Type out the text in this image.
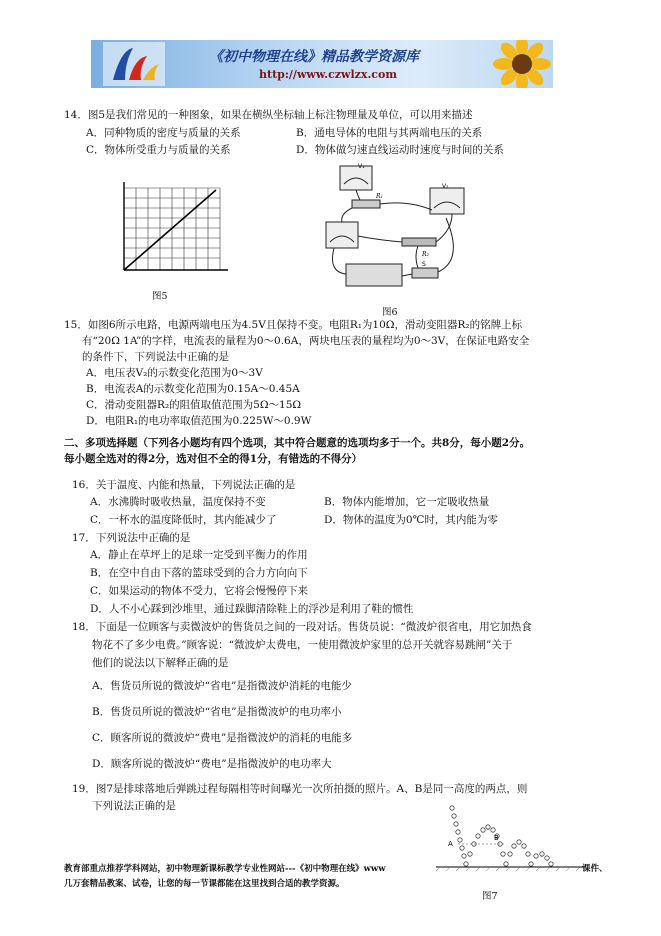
《初中物理在线》精品教学资源库
http://www.czwlzx.com
14．图5是我们常见的一种图象，如果在横纵坐标轴上标注物理量及单位，可以用来描述
A．同种物质的密度与质量的关系	B．通电导体的电阻与其两端电压的关系
C．物体所受重力与质量的关系	D．物体做匀速直线运动时速度与时间的关系
图5
V₁
V₂
R₁
R₂
S
图6
15．如图6所示电路，电源两端电压为4.5V且保持不变。电阻R₁为10Ω，滑动变阻器R₂的铭牌上标
有“20Ω 1A”的字样，电流表的量程为0～0.6A，两块电压表的量程均为0～3V，在保证电路安全
的条件下，下列说法中正确的是
A．电压表V₂的示数变化范围为0～3V
B．电流表A的示数变化范围为0.15A～0.45A
C．滑动变阻器R₂的阻值取值范围为5Ω～15Ω
D．电阻R₁的电功率取值范围为0.225W～0.9W
二、多项选择题（下列各小题均有四个选项，其中符合题意的选项均多于一个。共8分，每小题2分。
每小题全选对的得2分，选对但不全的得1分，有错选的不得分）
16．关于温度、内能和热量，下列说法正确的是
A．水沸腾时吸收热量，温度保持不变	B．物体内能增加，它一定吸收热量
C．一杯水的温度降低时，其内能减少了	D．物体的温度为0℃时，其内能为零
17．下列说法中正确的是
A．静止在草坪上的足球一定受到平衡力的作用
B．在空中自由下落的篮球受到的合力方向向下
C．如果运动的物体不受力，它将会慢慢停下来
D．人不小心踩到沙堆里，通过跺脚清除鞋上的浮沙是利用了鞋的惯性
18．下面是一位顾客与卖微波炉的售货员之间的一段对话。售货员说：“微波炉很省电，用它加热食
物花不了多少电费。”顾客说：“微波炉太费电，一使用微波炉家里的总开关就容易跳闸”关于
他们的说法以下解释正确的是
A．售货员所说的微波炉“省电”是指微波炉消耗的电能少
B．售货员所说的微波炉“省电”是指微波炉的电功率小
C．顾客所说的微波炉“费电”是指微波炉的消耗的电能多
D．顾客所说的微波炉“费电”是指微波炉的电功率大
19．图7是排球落地后弹跳过程每隔相等时间曝光一次所拍摄的照片。A、B是同一高度的两点，则
下列说法正确的是
A
B
教育部重点推荐学科网站，初中物理新课标教学专业性网站---《初中物理在线》www	课件、
几万套精品教案、试卷，让您的每一节课都能在这里找到合适的教学资源。
图7
